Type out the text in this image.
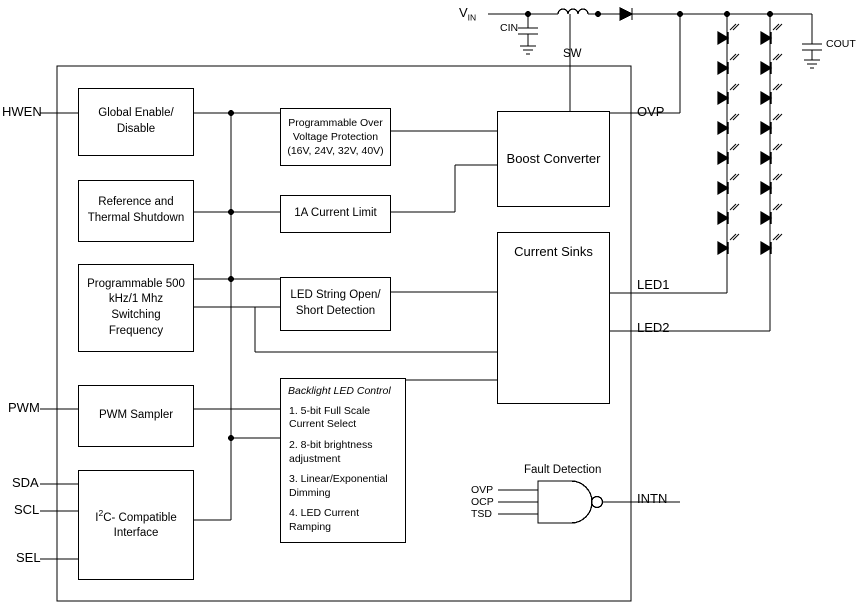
HWEN
PWM
SDA
SCL
SEL
OVP
LED1
LED2
INTN
$V_{IN}$
CIN
COUT
SW
Global Enable/ Disable
Reference and Thermal Shutdown
Programmable 500 kHz/1 Mhz Switching Frequency
PWM Sampler
$I^2C-$ Compatible Interface
Programmable Over Voltage Protection (16V, 24V, 32V, 40V)
1A Current Limit
LED String Open/ Short Detection
Backlight LED Control
1. 5-bit Full Scale Current Select
2. 8-bit brightness adjustment
3. Linear/Exponential Dimming
4. LED Current Ramping
Boost Converter
Current Sinks
Fault Detection
OVP
OCP
TSD
